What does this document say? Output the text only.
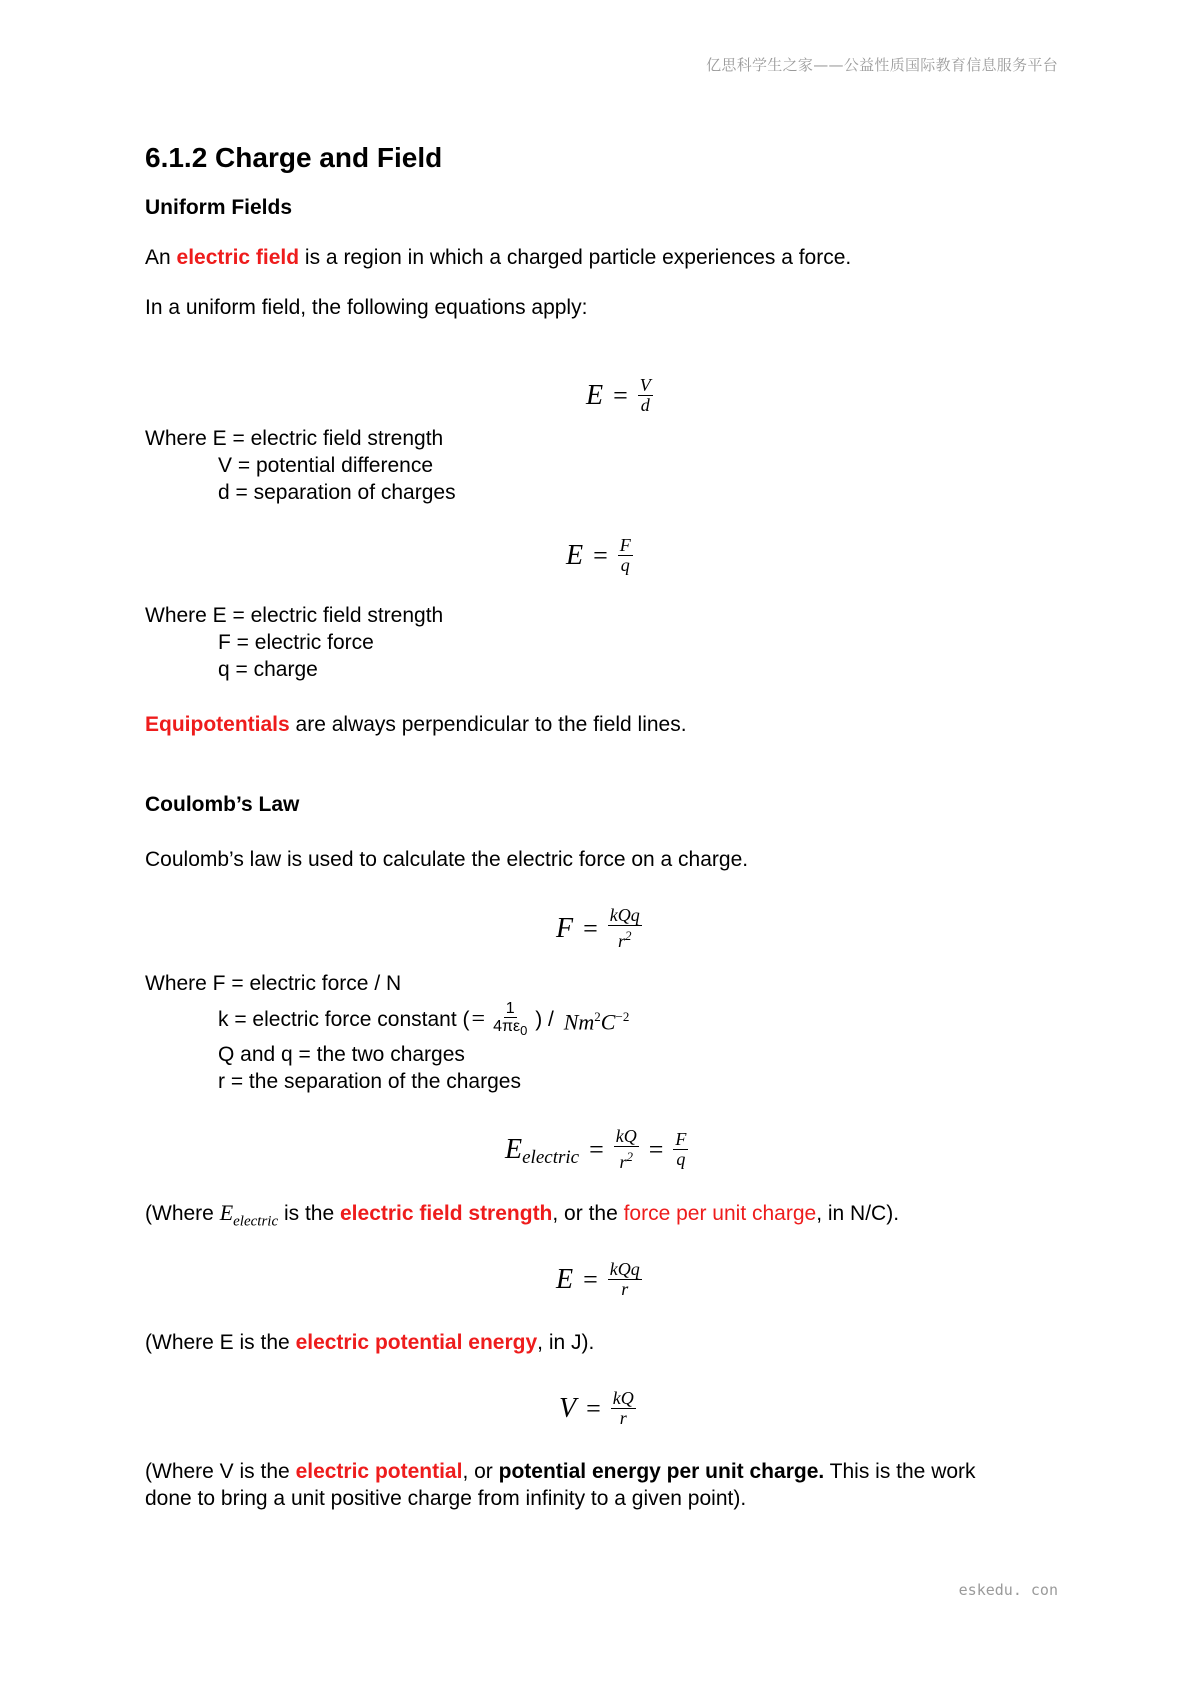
亿思科学生之家——公益性质国际教育信息服务平台
6.1.2 Charge and Field
Uniform Fields
An electric field is a region in which a charged particle experiences a force.
In a uniform field, the following equations apply:
$E = \frac{V}{d}$
Where E = electric field strength
V = potential difference
d = separation of charges
$E = \frac{F}{q}$
Where E = electric field strength
F = electric force
q = charge
Equipotentials are always perpendicular to the field lines.
Coulomb’s Law
Coulomb’s law is used to calculate the electric force on a charge.
$F = \frac{\text{kQq}}{r^2}$
Where F = electric force / N
k = electric force constant ( = $\frac{1}{4\pi\varepsilon_0}$ ) / $Nm^2C^{-2}$
Q and q = the two charges
r = the separation of the charges
E electric = $\frac{kQ}{r^2} = \frac{F}{q}$
(Where $E_{electric}$ is the electric field strength , or the force per unit charge , in N/C).
$E = \frac{\text{kQq}}{r}$
(Where E is the electric potential energy, in J).
$V = \frac{kQ}{r}$
(Where V is the electric potential, or potential energy per unit charge. This is the work
done to bring a unit positive charge from infinity to a given point).
eskedu. con
